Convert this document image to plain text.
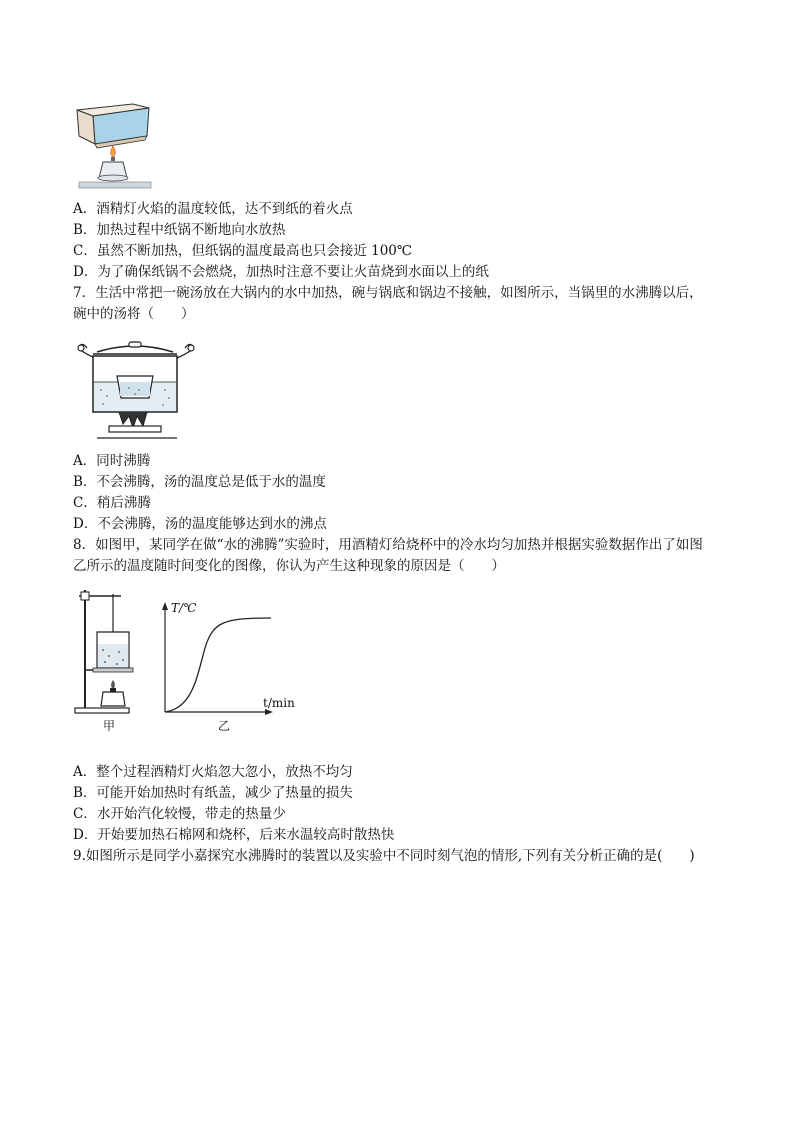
A．酒精灯火焰的温度较低，达不到纸的着火点
B．加热过程中纸锅不断地向水放热
C．虽然不断加热，但纸锅的温度最高也只会接近 100℃
D．为了确保纸锅不会燃烧，加热时注意不要让火苗烧到水面以上的纸
7．生活中常把一碗汤放在大锅内的水中加热，碗与锅底和锅边不接触，如图所示，当锅里的水沸腾以后，
碗中的汤将（　　）
A．同时沸腾
B．不会沸腾，汤的温度总是低于水的温度
C．稍后沸腾
D．不会沸腾，汤的温度能够达到水的沸点
8．如图甲，某同学在做“水的沸腾”实验时，用酒精灯给烧杯中的冷水均匀加热并根据实验数据作出了如图
乙所示的温度随时间变化的图像，你认为产生这种现象的原因是（　　）
甲
T/℃
t/min
乙
A．整个过程酒精灯火焰忽大忽小，放热不均匀
B．可能开始加热时有纸盖，减少了热量的损失
C．水开始汽化较慢，带走的热量少
D．开始要加热石棉网和烧杯，后来水温较高时散热快
9.如图所示是同学小嘉探究水沸腾时的装置以及实验中不同时刻气泡的情形,下列有关分析正确的是(　　)
